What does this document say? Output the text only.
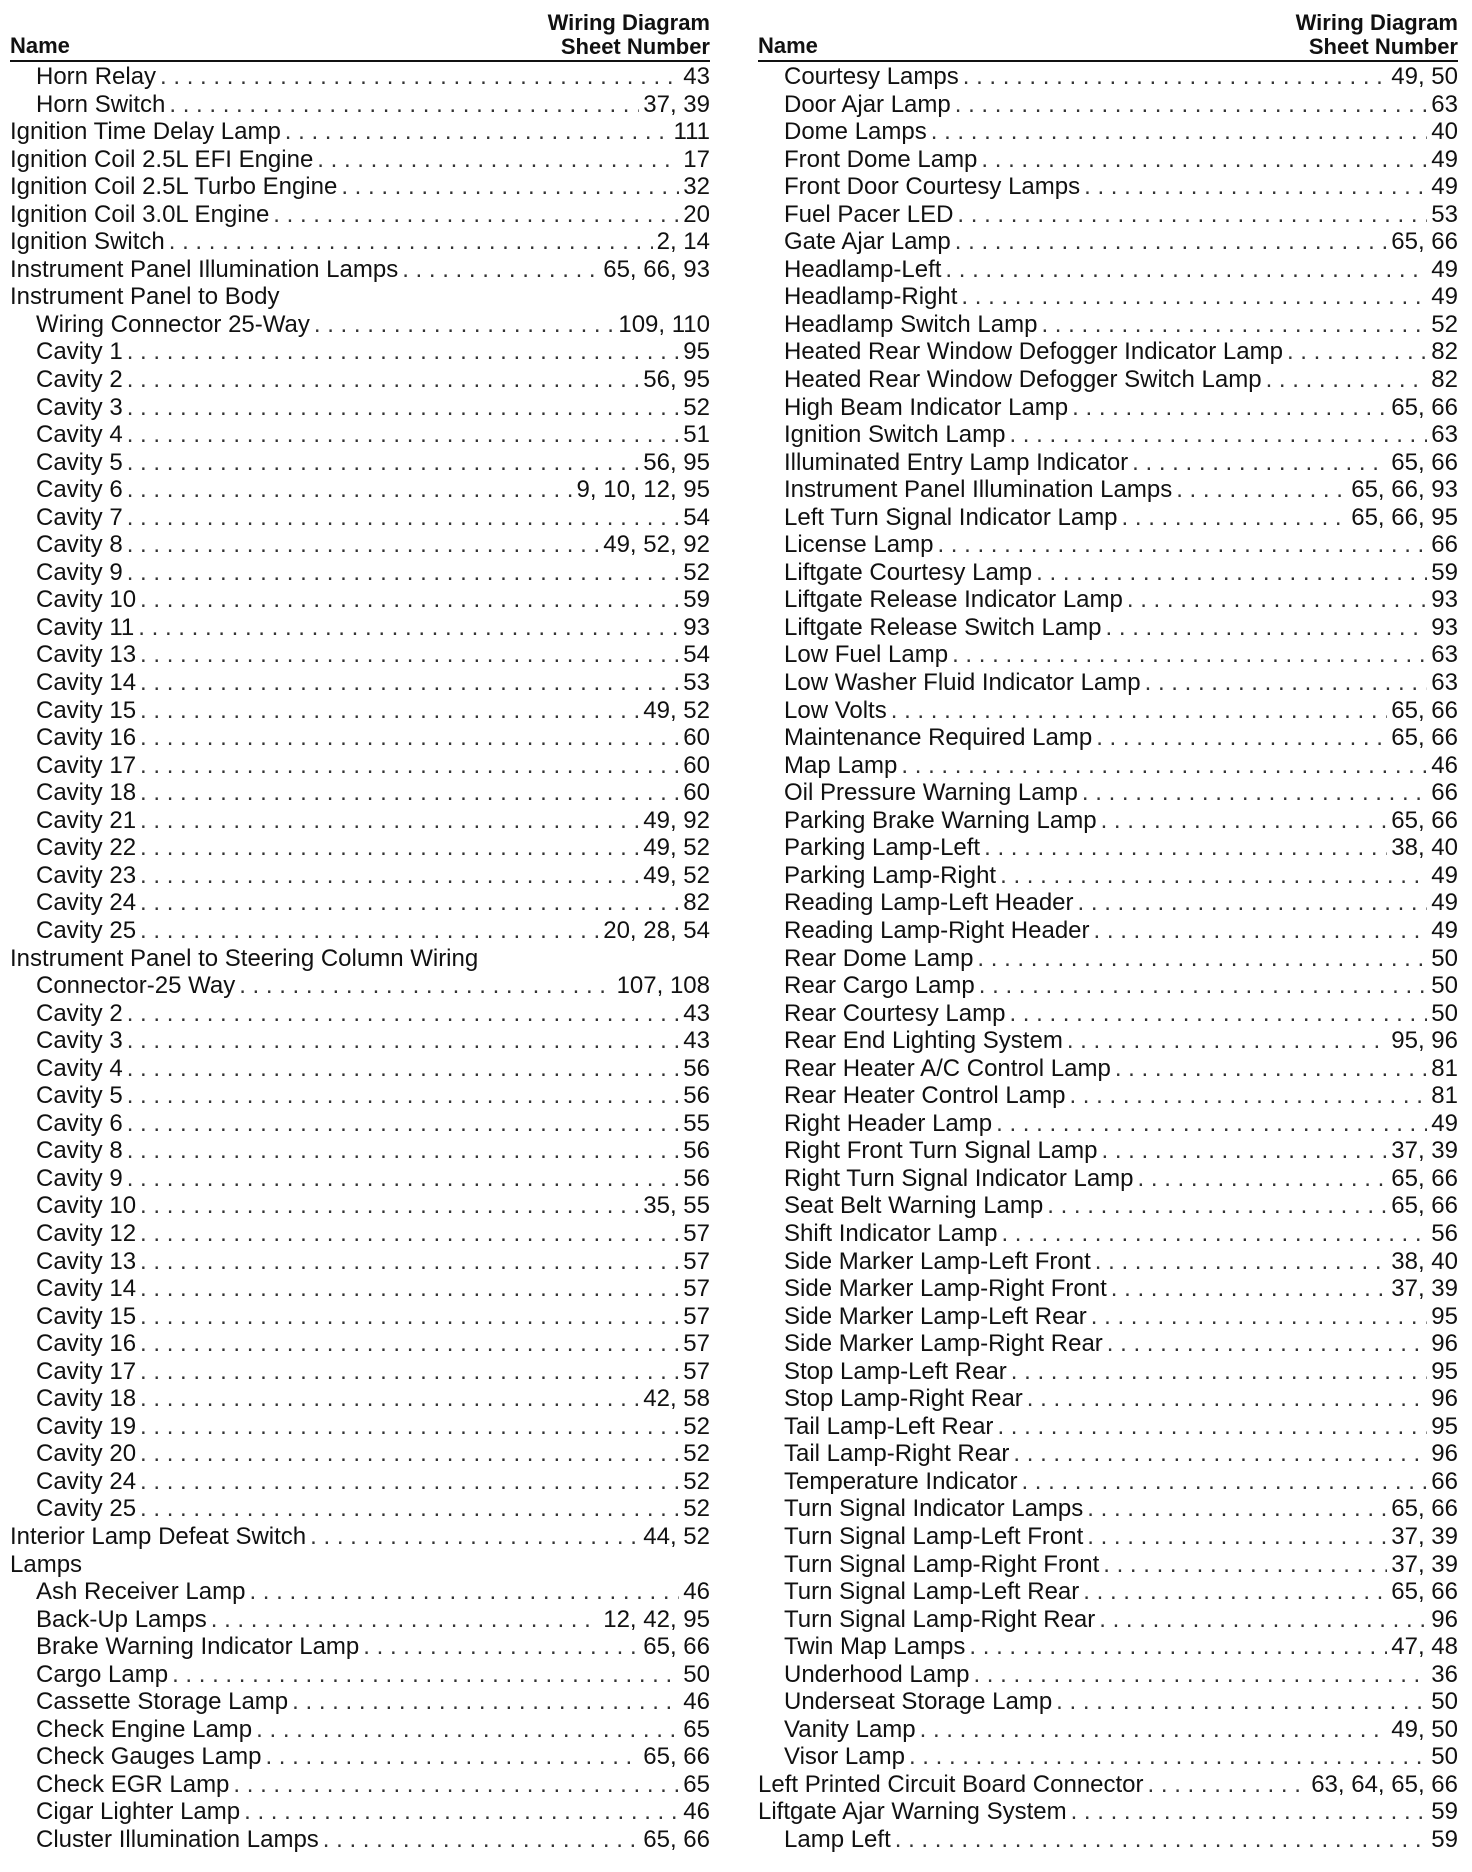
Name
Wiring Diagram
Sheet Number
Horn Relay . . .	43
Horn Switch . . .	37, 39
Ignition Time Delay Lamp . . .	111
Ignition Coil 2.5L EFI Engine . . .	17
Ignition Coil 2.5L Turbo Engine . . .	32
Ignition Coil 3.0L Engine . . .	20
Ignition Switch . . .	2, 14
Instrument Panel Illumination Lamps . . .	65, 66, 93
Instrument Panel to Body
Wiring Connector 25-Way . . .	109, 110
Cavity 1 . . .	95
Cavity 2 . . .	56, 95
Cavity 3 . . .	52
Cavity 4 . . .	51
Cavity 5 . . .	56, 95
Cavity 6 . . .	9, 10, 12, 95
Cavity 7 . . .	54
Cavity 8 . . .	49, 52, 92
Cavity 9 . . .	52
Cavity 10 . . .	59
Cavity 11 . . .	93
Cavity 13 . . .	54
Cavity 14 . . .	53
Cavity 15 . . .	49, 52
Cavity 16 . . .	60
Cavity 17 . . .	60
Cavity 18 . . .	60
Cavity 21 . . .	49, 92
Cavity 22 . . .	49, 52
Cavity 23 . . .	49, 52
Cavity 24 . . .	82
Cavity 25 . . .	20, 28, 54
Instrument Panel to Steering Column Wiring
Connector-25 Way . . .	107, 108
Cavity 2 . . .	43
Cavity 3 . . .	43
Cavity 4 . . .	56
Cavity 5 . . .	56
Cavity 6 . . .	55
Cavity 8 . . .	56
Cavity 9 . . .	56
Cavity 10 . . .	35, 55
Cavity 12 . . .	57
Cavity 13 . . .	57
Cavity 14 . . .	57
Cavity 15 . . .	57
Cavity 16 . . .	57
Cavity 17 . . .	57
Cavity 18 . . .	42, 58
Cavity 19 . . .	52
Cavity 20 . . .	52
Cavity 24 . . .	52
Cavity 25 . . .	52
Interior Lamp Defeat Switch . . .	44, 52
Lamps
Ash Receiver Lamp . . .	46
Back-Up Lamps . . .	12, 42, 95
Brake Warning Indicator Lamp . . .	65, 66
Cargo Lamp . . .	50
Cassette Storage Lamp . . .	46
Check Engine Lamp . . .	65
Check Gauges Lamp . . .	65, 66
Check EGR Lamp . . .	65
Cigar Lighter Lamp . . .	46
Cluster Illumination Lamps . . .	65, 66
Name
Wiring Diagram
Sheet Number
Courtesy Lamps . . .	49, 50
Door Ajar Lamp . . .	63
Dome Lamps . . .	40
Front Dome Lamp . . .	49
Front Door Courtesy Lamps . . .	49
Fuel Pacer LED . . .	53
Gate Ajar Lamp . . .	65, 66
Headlamp-Left . . .	49
Headlamp-Right . . .	49
Headlamp Switch Lamp . . .	52
Heated Rear Window Defogger Indicator Lamp . . .	82
Heated Rear Window Defogger Switch Lamp . . .	82
High Beam Indicator Lamp . . .	65, 66
Ignition Switch Lamp . . .	63
Illuminated Entry Lamp Indicator . . .	65, 66
Instrument Panel Illumination Lamps . . .	65, 66, 93
Left Turn Signal Indicator Lamp . . .	65, 66, 95
License Lamp . . .	66
Liftgate Courtesy Lamp . . .	59
Liftgate Release Indicator Lamp . . .	93
Liftgate Release Switch Lamp . . .	93
Low Fuel Lamp . . .	63
Low Washer Fluid Indicator Lamp . . .	63
Low Volts . . .	65, 66
Maintenance Required Lamp . . .	65, 66
Map Lamp . . .	46
Oil Pressure Warning Lamp . . .	66
Parking Brake Warning Lamp . . .	65, 66
Parking Lamp-Left . . .	38, 40
Parking Lamp-Right . . .	49
Reading Lamp-Left Header . . .	49
Reading Lamp-Right Header . . .	49
Rear Dome Lamp . . .	50
Rear Cargo Lamp . . .	50
Rear Courtesy Lamp . . .	50
Rear End Lighting System . . .	95, 96
Rear Heater A/C Control Lamp . . .	81
Rear Heater Control Lamp . . .	81
Right Header Lamp . . .	49
Right Front Turn Signal Lamp . . .	37, 39
Right Turn Signal Indicator Lamp . . .	65, 66
Seat Belt Warning Lamp . . .	65, 66
Shift Indicator Lamp . . .	56
Side Marker Lamp-Left Front . . .	38, 40
Side Marker Lamp-Right Front . . .	37, 39
Side Marker Lamp-Left Rear . . .	95
Side Marker Lamp-Right Rear . . .	96
Stop Lamp-Left Rear . . .	95
Stop Lamp-Right Rear . . .	96
Tail Lamp-Left Rear . . .	95
Tail Lamp-Right Rear . . .	96
Temperature Indicator . . .	66
Turn Signal Indicator Lamps . . .	65, 66
Turn Signal Lamp-Left Front . . .	37, 39
Turn Signal Lamp-Right Front . . .	37, 39
Turn Signal Lamp-Left Rear . . .	65, 66
Turn Signal Lamp-Right Rear . . .	96
Twin Map Lamps . . .	47, 48
Underhood Lamp . . .	36
Underseat Storage Lamp . . .	50
Vanity Lamp . . .	49, 50
Visor Lamp . . .	50
Left Printed Circuit Board Connector . . .	63, 64, 65, 66
Liftgate Ajar Warning System . . .	59
Lamp Left . . .	59
